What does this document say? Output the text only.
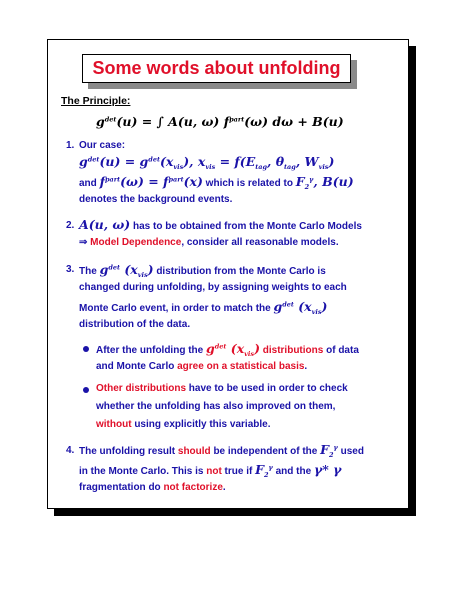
Some words about unfolding
The Principle:
$g^{det}(u)$ = ∫ A(u, ω) $f^{part}(\omega) d\omega + B(u)$
1. Our case:
$g^{det}(u) = g^{det}(x_{vis})$, $x_{vis} = f(E_{tag}$, $\theta_{tag}$, $W_{vis}$)
and $f^{part}(\omega) = f^{part}(x)$ which is related to $F_2^\gamma$, B(u)
denotes the background events.
2. A(u, ω) has to be obtained from the Monte Carlo Models
⇒ Model Dependence, consider all reasonable models.
3. The $g^{det}$ $(x_{vis})$ distribution from the Monte Carlo is
changed during unfolding, by assigning weights to each
Monte Carlo event, in order to match the $g^{det}$ $(x_{vis})$
distribution of the data.
After the unfolding the $g^{det}$ $(x_{vis})$ distributions of data
and Monte Carlo agree on a statistical basis.
Other distributions have to be used in order to check
whether the unfolding has also improved on them,
without using explicitly this variable.
4. The unfolding result should be independent of the $F_2^\gamma$ used
in the Monte Carlo. This is not true if $F_2^\gamma$ and the γ* γ
fragmentation do not factorize.
